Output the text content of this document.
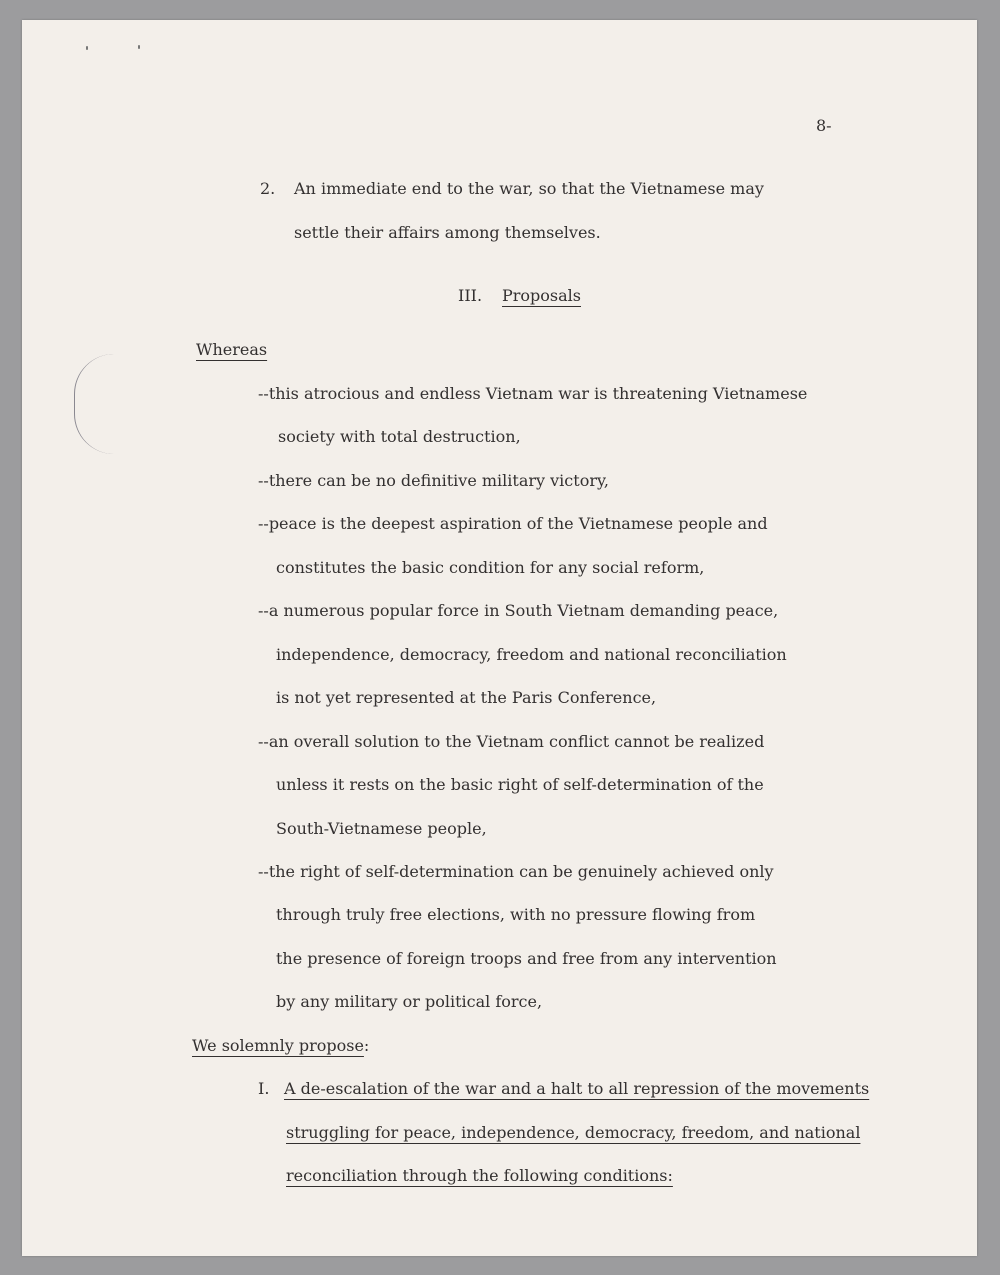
8-
2. An immediate end to the war, so that the Vietnamese may
settle their affairs among themselves.
III. Proposals
Whereas
--this atrocious and endless Vietnam war is threatening Vietnamese
society with total destruction,
--there can be no definitive military victory,
--peace is the deepest aspiration of the Vietnamese people and
constitutes the basic condition for any social reform,
--a numerous popular force in South Vietnam demanding peace,
independence, democracy, freedom and national reconciliation
is not yet represented at the Paris Conference,
--an overall solution to the Vietnam conflict cannot be realized
unless it rests on the basic right of self-determination of the
South-Vietnamese people,
--the right of self-determination can be genuinely achieved only
through truly free elections, with no pressure flowing from
the presence of foreign troops and free from any intervention
by any military or political force,
We solemnly propose:
I. A de-escalation of the war and a halt to all repression of the movements
struggling for peace, independence, democracy, freedom, and national
reconciliation through the following conditions:
